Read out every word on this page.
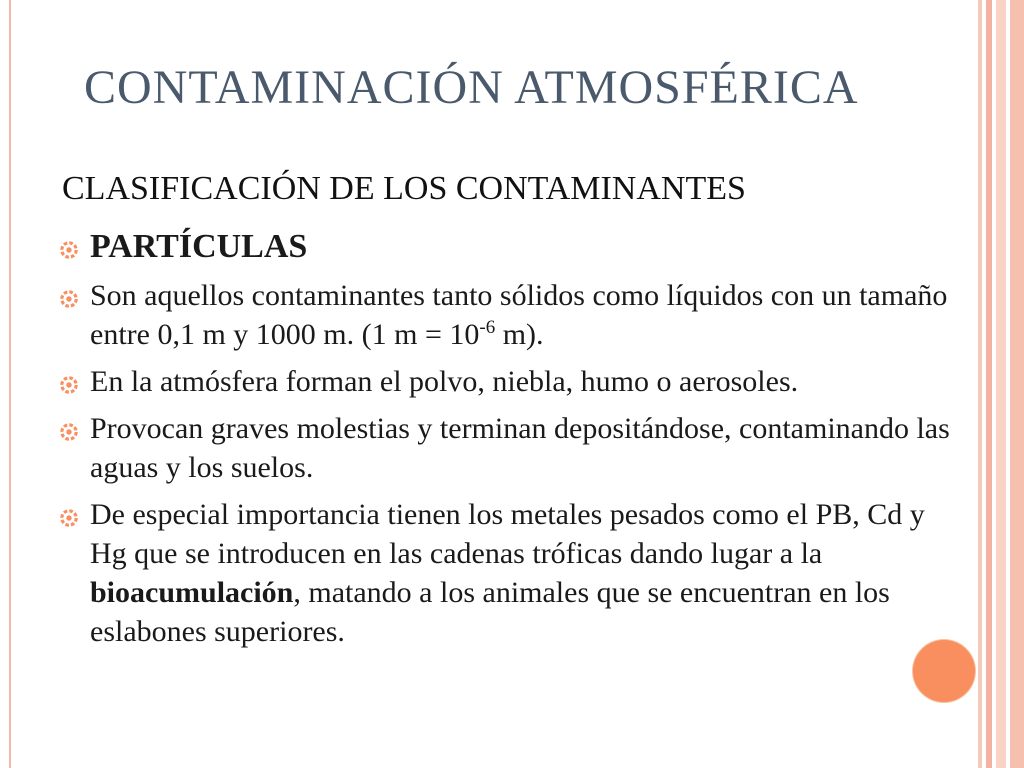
CONTAMINACIÓN ATMOSFÉRICA
CLASIFICACIÓN DE LOS CONTAMINANTES
PARTÍCULAS
Son aquellos contaminantes tanto sólidos como líquidos con un tamaño entre 0,1 m y 1000 m. (1 $m = 10^{-6}$ m).
En la atmósfera forman el polvo, niebla, humo o aerosoles.
Provocan graves molestias y terminan depositándose, contaminando las aguas y los suelos.
De especial importancia tienen los metales pesados como el PB, Cd y Hg que se introducen en las cadenas tróficas dando lugar a la bioacumulación, matando a los animales que se encuentran en los eslabones superiores.
